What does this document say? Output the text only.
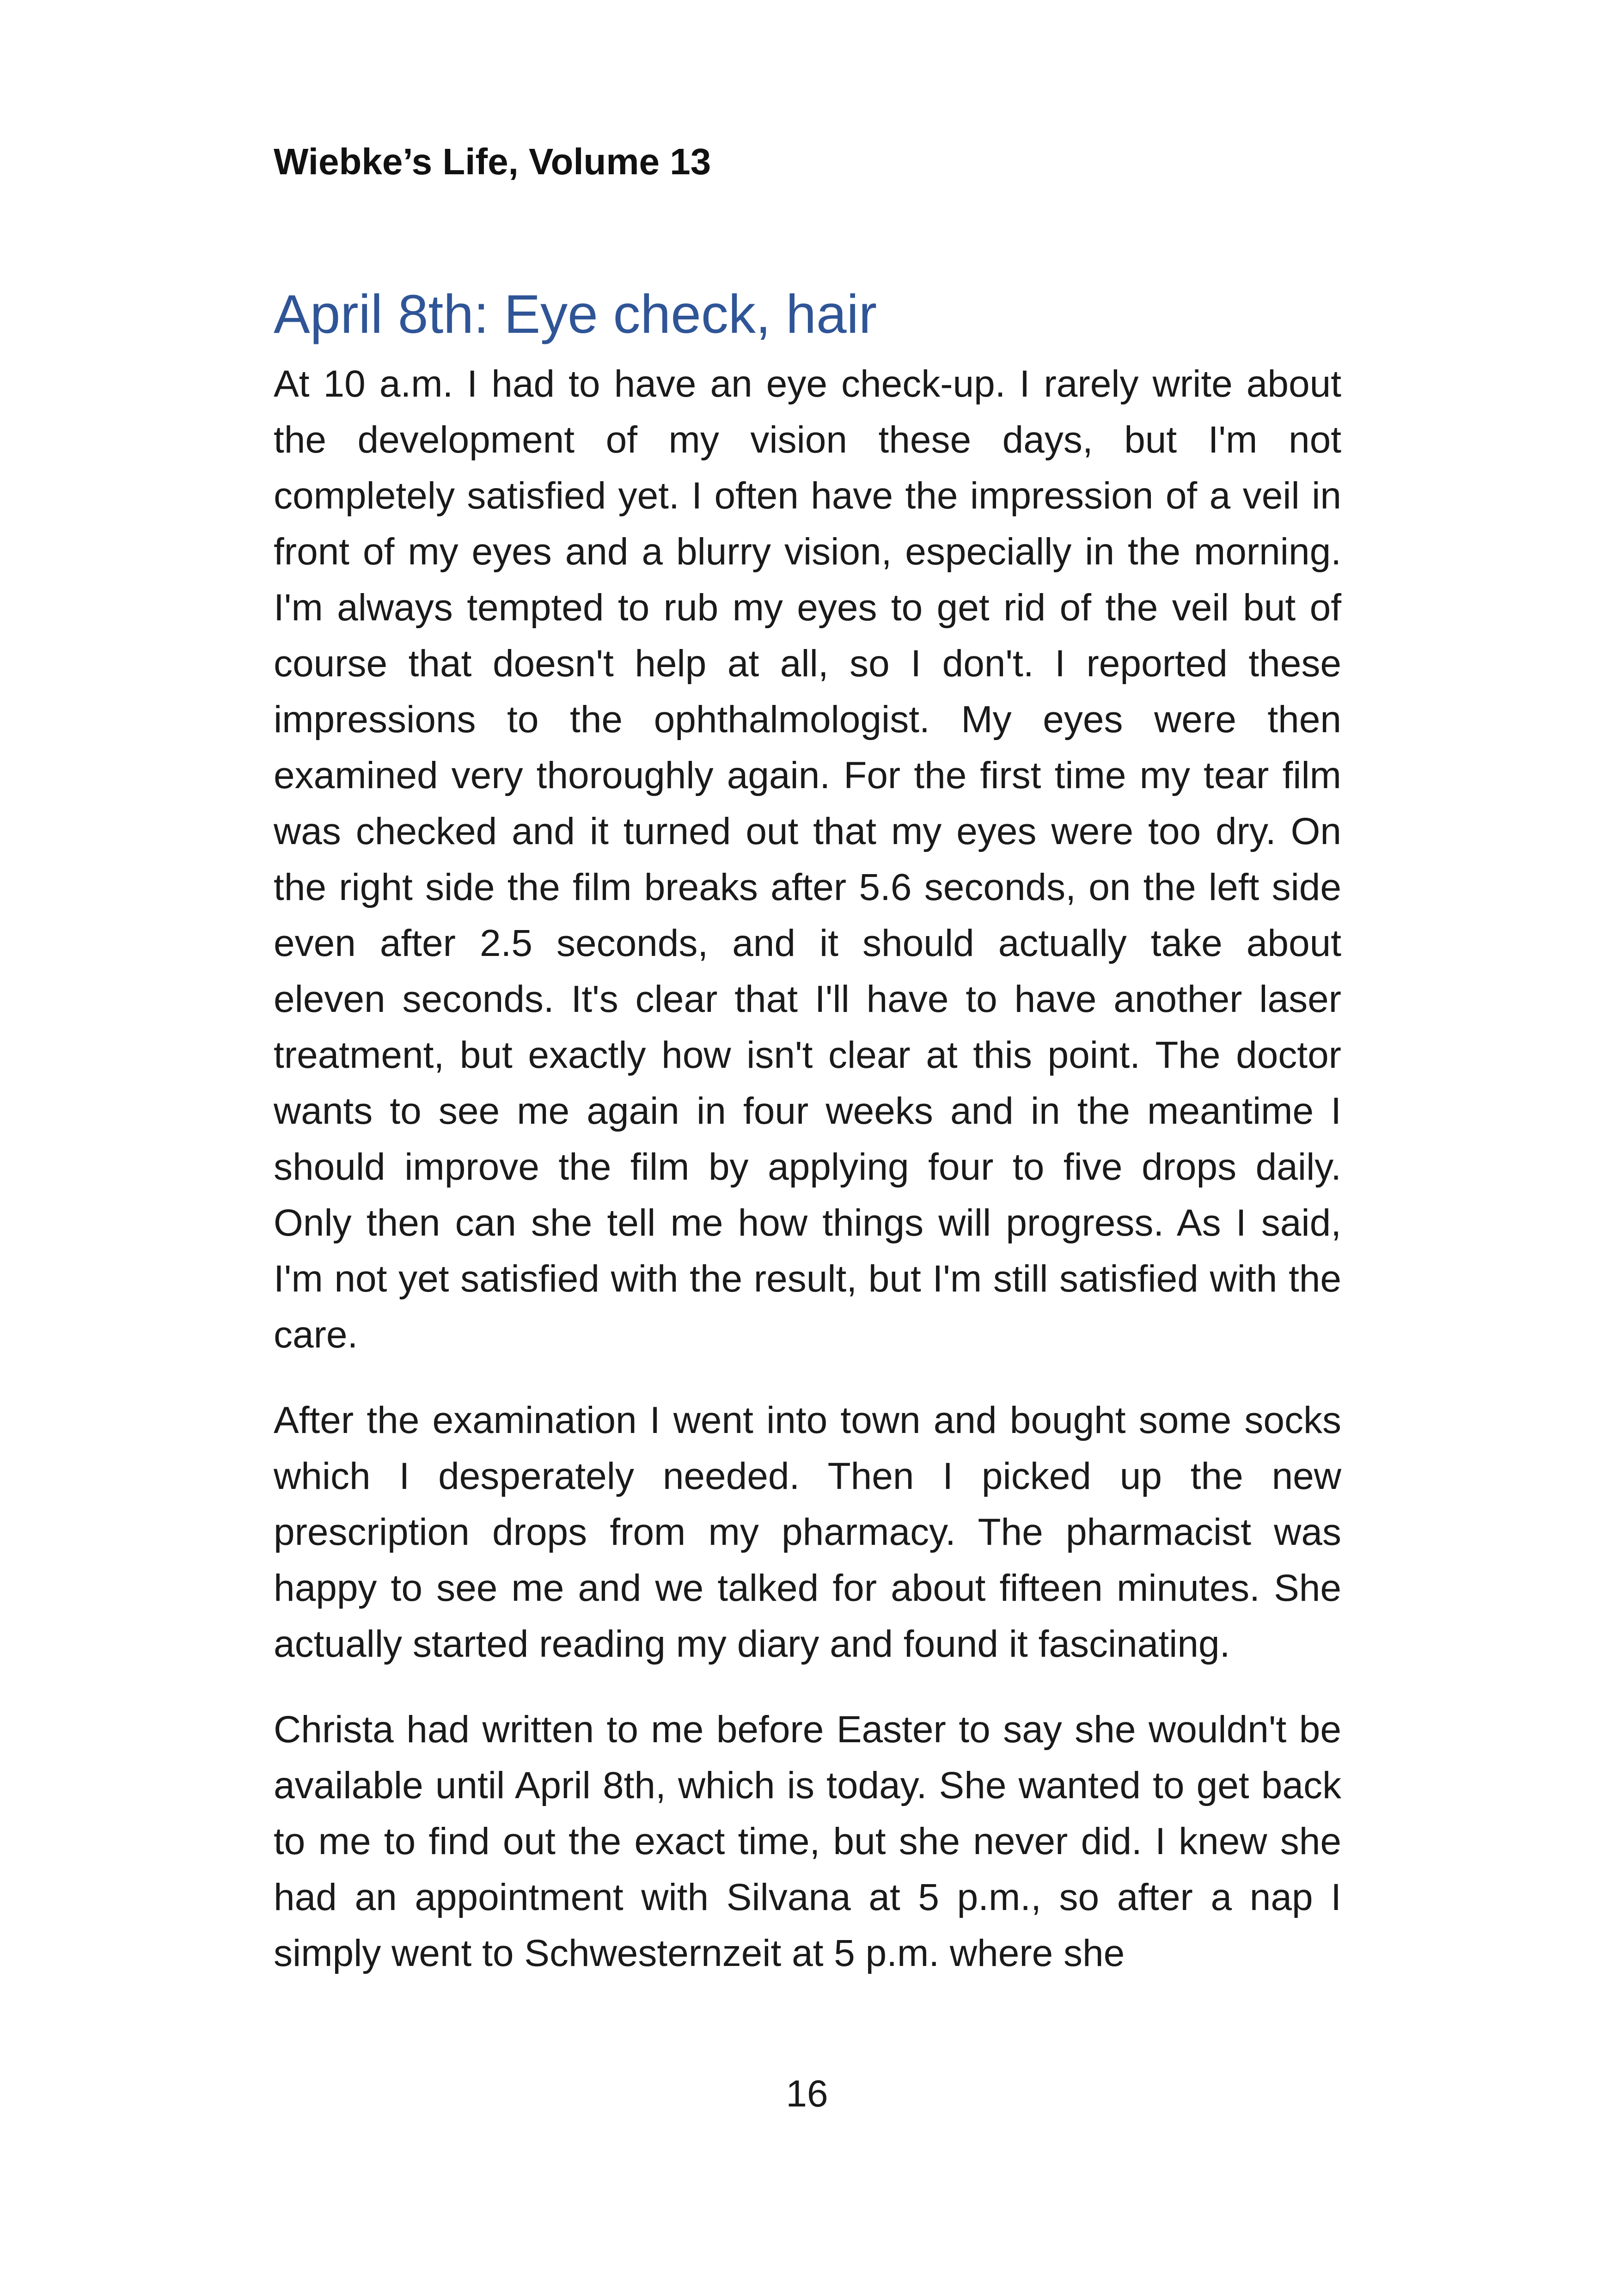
Wiebke’s Life, Volume 13
April 8th: Eye check, hair

At 10 a.m. I had to have an eye check-up. I rarely write about the development of my vision these days, but I'm not completely satisfied yet. I often have the impression of a veil in front of my eyes and a blurry vision, especially in the morning. I'm always tempted to rub my eyes to get rid of the veil but of course that doesn't help at all, so I don't. I reported these impressions to the ophthalmologist. My eyes were then examined very thoroughly again. For the first time my tear film was checked and it turned out that my eyes were too dry. On the right side the film breaks after 5.6 seconds, on the left side even after 2.5 seconds, and it should actually take about eleven seconds. It's clear that I'll have to have another laser treatment, but exactly how isn't clear at this point. The doctor wants to see me again in four weeks and in the meantime I should improve the film by applying four to five drops daily. Only then can she tell me how things will progress. As I said, I'm not yet satisfied with the result, but I'm still satisfied with the care.

After the examination I went into town and bought some socks which I desperately needed. Then I picked up the new prescription drops from my pharmacy. The pharmacist was happy to see me and we talked for about fifteen minutes. She actually started reading my diary and found it fascinating.

Christa had written to me before Easter to say she wouldn't be available until April 8th, which is today. She wanted to get back to me to find out the exact time, but she never did. I knew she had an appointment with Silvana at 5 p.m., so after a nap I simply went to Schwesternzeit at 5 p.m. where she

16
